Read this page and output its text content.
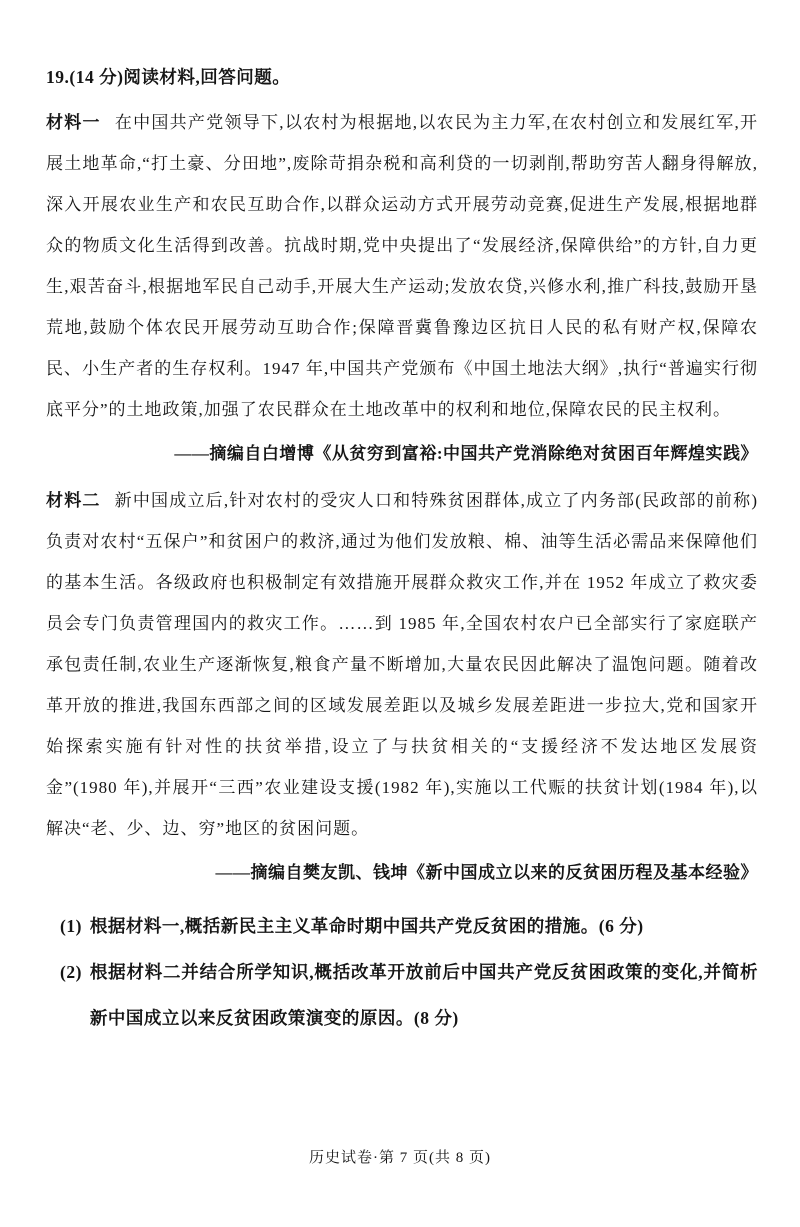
19.(14 分)阅读材料,回答问题。

材料一 在中国共产党领导下,以农村为根据地,以农民为主力军,在农村创立和发展红军,开展土地革命,“打土豪、分田地”,废除苛捐杂税和高利贷的一切剥削,帮助穷苦人翻身得解放,深入开展农业生产和农民互助合作,以群众运动方式开展劳动竞赛,促进生产发展,根据地群众的物质文化生活得到改善。抗战时期,党中央提出了“发展经济,保障供给”的方针,自力更生,艰苦奋斗,根据地军民自己动手,开展大生产运动;发放农贷,兴修水利,推广科技,鼓励开垦荒地,鼓励个体农民开展劳动互助合作;保障晋冀鲁豫边区抗日人民的私有财产权,保障农民、小生产者的生存权利。1947 年,中国共产党颁布《中国土地法大纲》,执行“普遍实行彻底平分”的土地政策,加强了农民群众在土地改革中的权利和地位,保障农民的民主权利。

——摘编自白增博《从贫穷到富裕:中国共产党消除绝对贫困百年辉煌实践》

材料二 新中国成立后,针对农村的受灾人口和特殊贫困群体,成立了内务部(民政部的前称)负责对农村“五保户”和贫困户的救济,通过为他们发放粮、棉、油等生活必需品来保障他们的基本生活。各级政府也积极制定有效措施开展群众救灾工作,并在 1952 年成立了救灾委员会专门负责管理国内的救灾工作。……到 1985 年,全国农村农户已全部实行了家庭联产承包责任制,农业生产逐渐恢复,粮食产量不断增加,大量农民因此解决了温饱问题。随着改革开放的推进,我国东西部之间的区域发展差距以及城乡发展差距进一步拉大,党和国家开始探索实施有针对性的扶贫举措,设立了与扶贫相关的“支援经济不发达地区发展资金”(1980 年),并展开“三西”农业建设支援(1982 年),实施以工代赈的扶贫计划(1984 年),以解决“老、少、边、穷”地区的贫困问题。

——摘编自樊友凯、钱坤《新中国成立以来的反贫困历程及基本经验》

(1) 根据材料一,概括新民主主义革命时期中国共产党反贫困的措施。(6 分)
(2) 根据材料二并结合所学知识,概括改革开放前后中国共产党反贫困政策的变化,并简析新中国成立以来反贫困政策演变的原因。(8 分)
历史试卷·第 7 页(共 8 页)
